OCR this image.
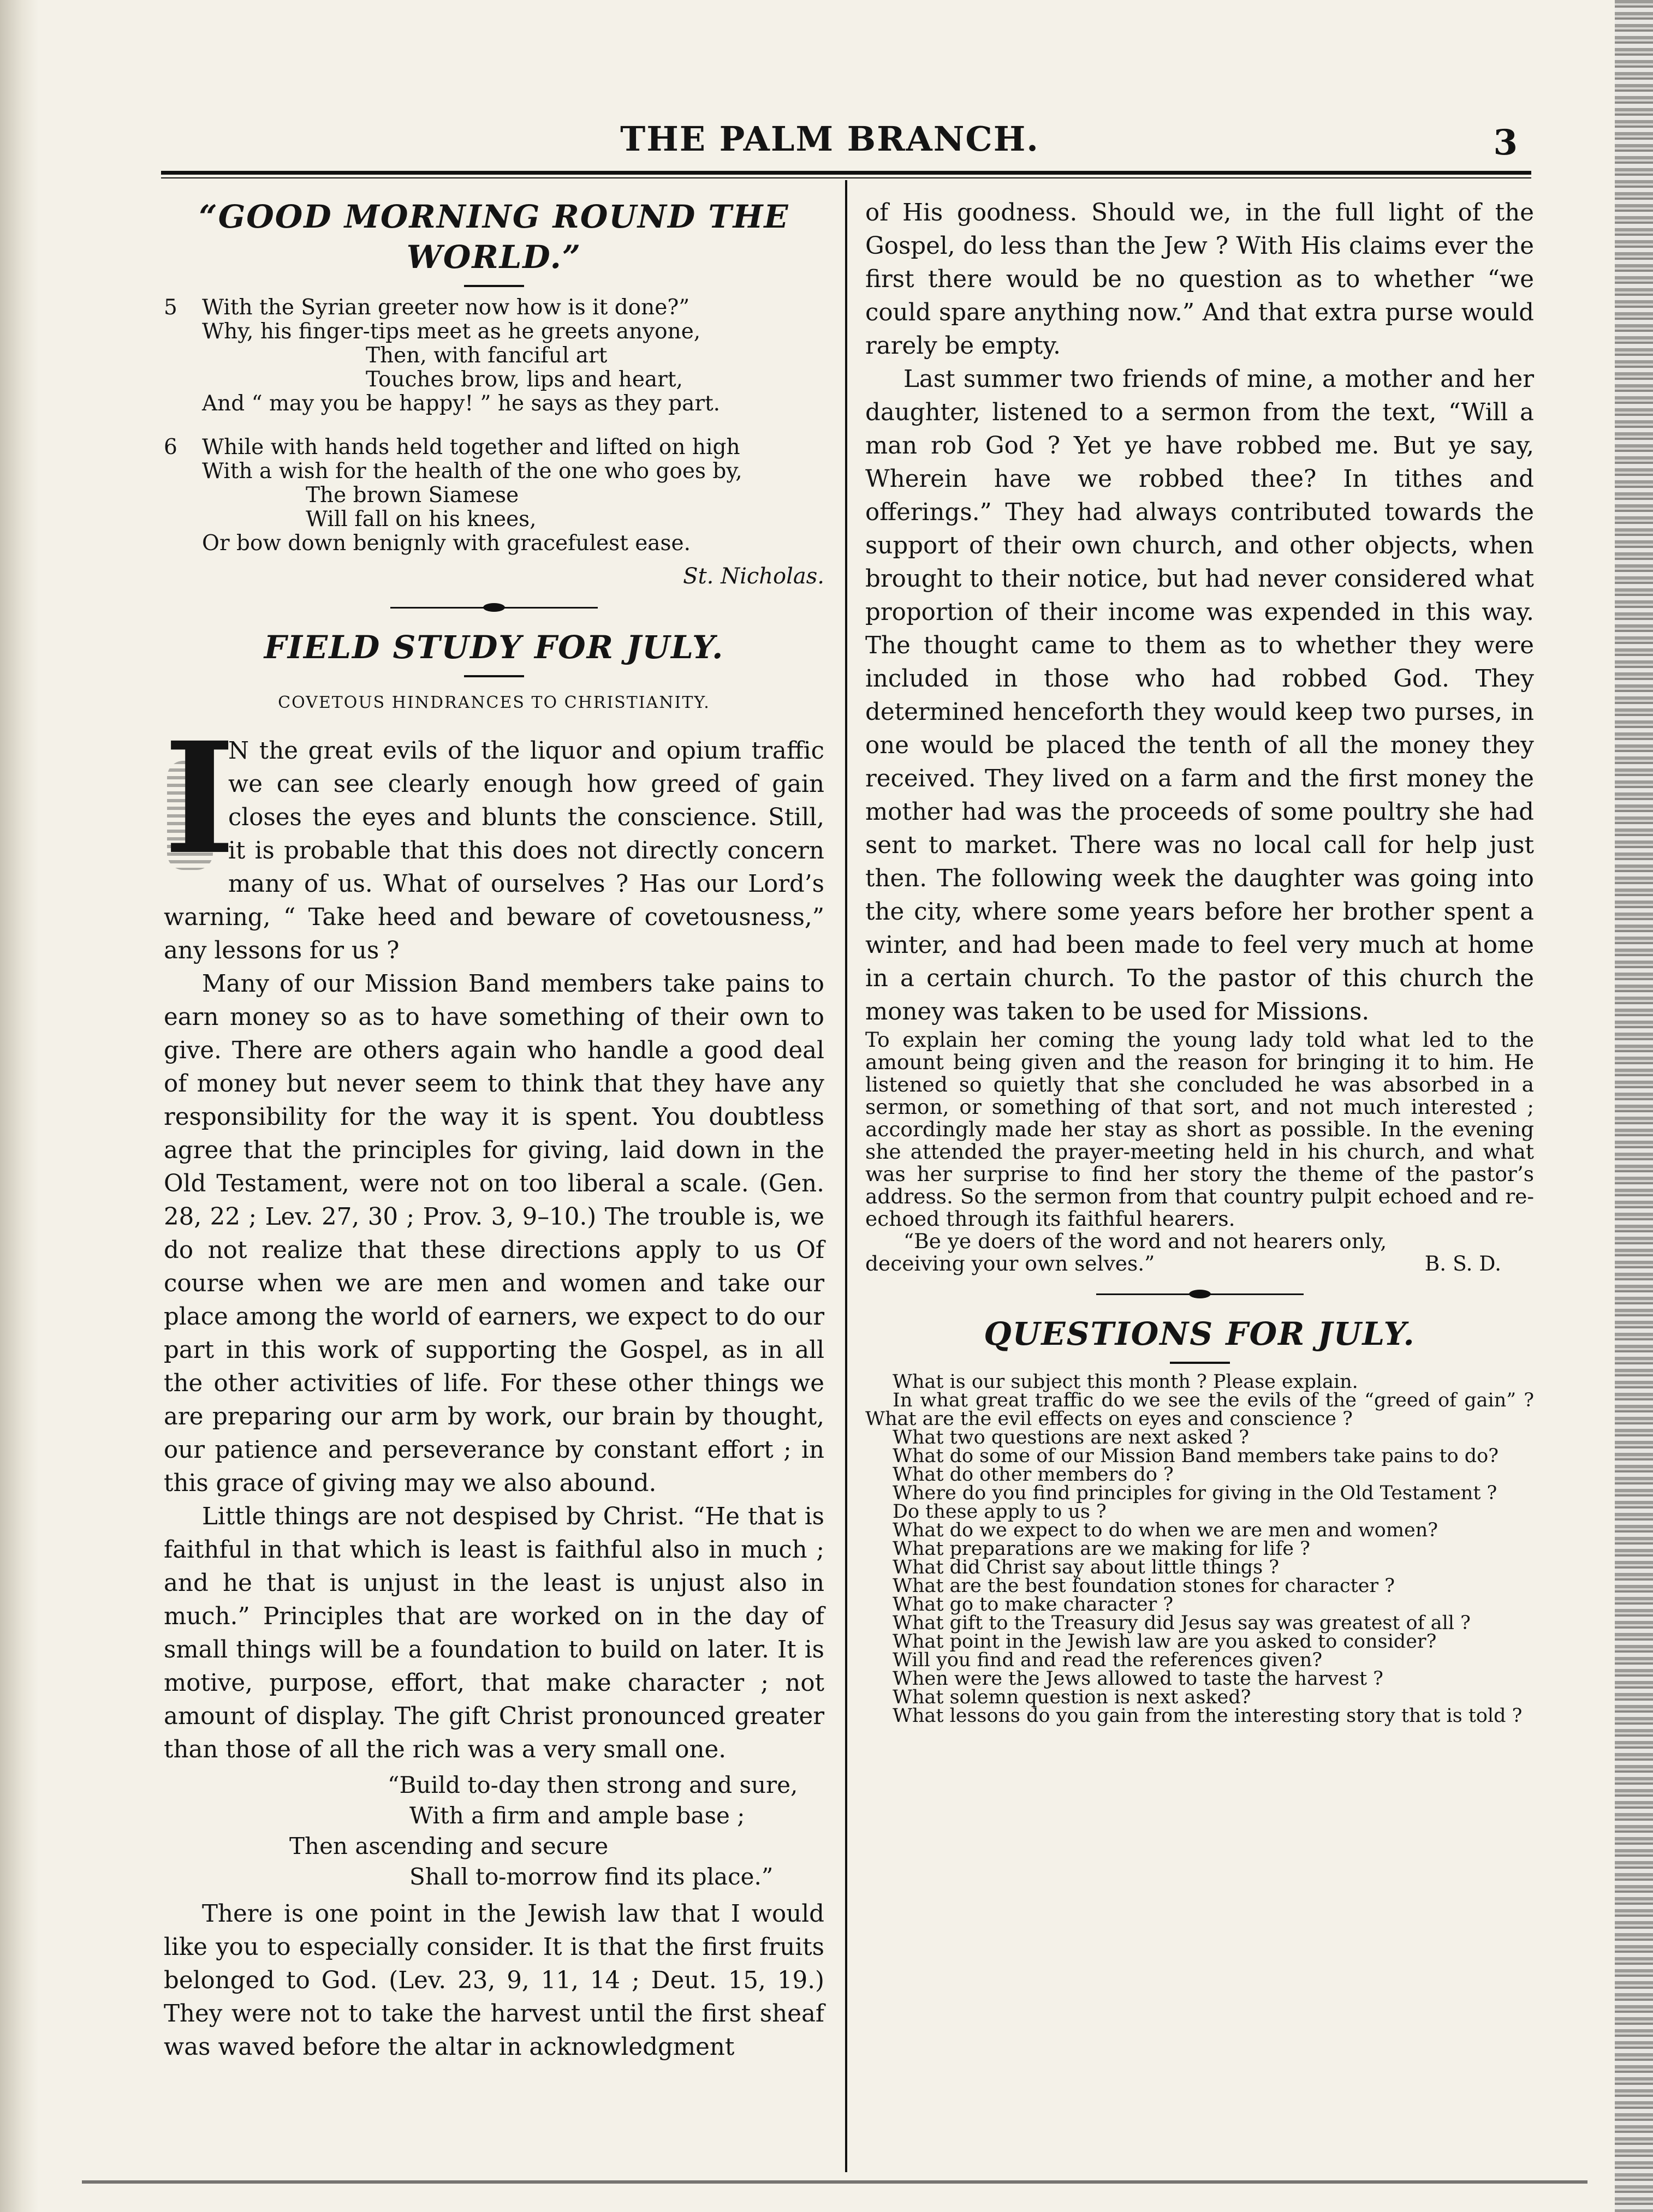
THE PALM BRANCH.	3
“GOOD MORNING ROUND THE WORLD.”
5 With the Syrian greeter now how is it done?”
Why, his finger-tips meet as he greets anyone,
Then, with fanciful art
Touches brow, lips and heart,
And “ may you be happy! ” he says as they part.
6 While with hands held together and lifted on high
With a wish for the health of the one who goes by,
The brown Siamese
Will fall on his knees,
Or bow down benignly with gracefulest ease.
St. Nicholas.
FIELD STUDY FOR JULY.
COVETOUS HINDRANCES TO CHRISTIANITY.
I

N the great evils of the liquor and opium traffic we can see clearly enough how greed of gain closes the eyes and blunts the conscience. Still, it is probable that this does not directly concern many of us. What of ourselves ? Has our Lord’s warning, “ Take heed and beware of covetousness,” any lessons for us ?

Many of our Mission Band members take pains to earn money so as to have something of their own to give. There are others again who handle a good deal of money but never seem to think that they have any responsibility for the way it is spent. You doubtless agree that the principles for giving, laid down in the Old Testament, were not on too liberal a scale. (Gen. 28, 22 ; Lev. 27, 30 ; Prov. 3, 9–10.) The trouble is, we do not realize that these directions apply to us Of course when we are men and women and take our place among the world of earners, we expect to do our part in this work of supporting the Gospel, as in all the other activities of life. For these other things we are preparing our arm by work, our brain by thought, our patience and perseverance by constant effort ; in this grace of giving may we also abound.

Little things are not despised by Christ. “He that is faithful in that which is least is faithful also in much ; and he that is unjust in the least is unjust also in much.” Principles that are worked on in the day of small things will be a foundation to build on later. It is motive, purpose, effort, that make character ; not amount of display. The gift Christ pronounced greater than those of all the rich was a very small one.

“Build to-day then strong and sure,
With a firm and ample base ;
Then ascending and secure
Shall to-morrow find its place.”

There is one point in the Jewish law that I would like you to especially consider. It is that the first fruits belonged to God. (Lev. 23, 9, 11, 14 ; Deut. 15, 19.) They were not to take the harvest until the first sheaf was waved before the altar in acknowledgment

of His goodness. Should we, in the full light of the Gospel, do less than the Jew ? With His claims ever the first there would be no question as to whether “we could spare anything now.” And that extra purse would rarely be empty.

Last summer two friends of mine, a mother and her daughter, listened to a sermon from the text, “Will a man rob God ? Yet ye have robbed me. But ye say, Wherein have we robbed thee? In tithes and offerings.” They had always contributed towards the support of their own church, and other objects, when brought to their notice, but had never considered what proportion of their income was expended in this way. The thought came to them as to whether they were included in those who had robbed God. They determined henceforth they would keep two purses, in one would be placed the tenth of all the money they received. They lived on a farm and the first money the mother had was the proceeds of some poultry she had sent to market. There was no local call for help just then. The following week the daughter was going into the city, where some years before her brother spent a winter, and had been made to feel very much at home in a certain church. To the pastor of this church the money was taken to be used for Missions.

To explain her coming the young lady told what led to the amount being given and the reason for bringing it to him. He listened so quietly that she concluded he was absorbed in a sermon, or something of that sort, and not much interested ; accordingly made her stay as short as possible. In the evening she attended the prayer-meeting held in his church, and what was her surprise to find her story the theme of the pastor’s address. So the sermon from that country pulpit echoed and re-echoed through its faithful hearers.

“Be ye doers of the word and not hearers only,

deceiving your own selves.”	B. S. D.
QUESTIONS FOR JULY.
What is our subject this month ? Please explain.
In what great traffic do we see the evils of the “greed of gain” ? What are the evil effects on eyes and conscience ?
What two questions are next asked ?
What do some of our Mission Band members take pains to do?
What do other members do ?
Where do you find principles for giving in the Old Testament ?
Do these apply to us ?
What do we expect to do when we are men and women?
What preparations are we making for life ?
What did Christ say about little things ?
What are the best foundation stones for character ?
What go to make character ?
What gift to the Treasury did Jesus say was greatest of all ?
What point in the Jewish law are you asked to consider?
Will you find and read the references given?
When were the Jews allowed to taste the harvest ?
What solemn question is next asked?
What lessons do you gain from the interesting story that is told ?
